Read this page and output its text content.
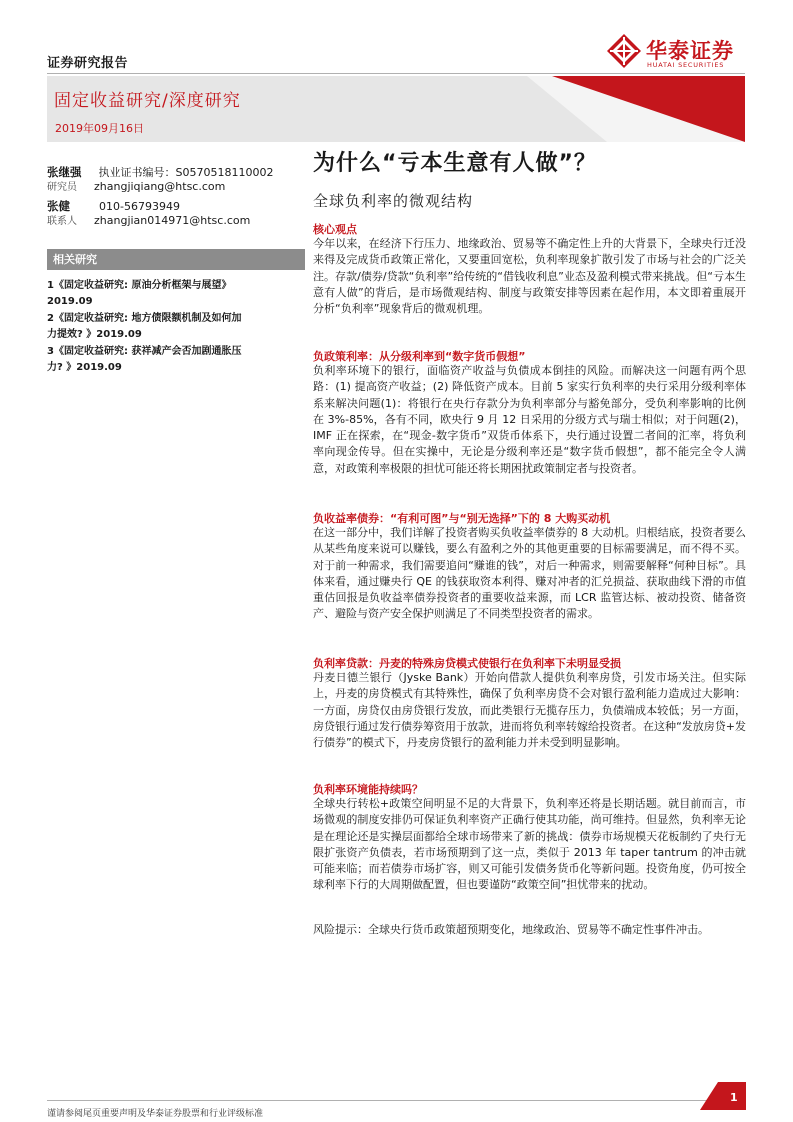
证券研究报告
华泰证券
HUATAI SECURITIES
固定收益研究/深度研究
2019年09月16日
张继强 执业证书编号：S0570518110002
研究员 zhangjiqiang@htsc.com
张健	010-56793949
联系人 zhangjian014971@htsc.com
相关研究
1《固定收益研究: 原油分析框架与展望》
2019.09
2《固定收益研究: 地方债限额机制及如何加
力提效? 》2019.09
3《固定收益研究: 获祥减产会否加剧通胀压
力? 》2019.09
为什么“亏本生意有人做”？
全球负利率的微观结构
核心观点
今年以来，在经济下行压力、地缘政治、贸易等不确定性上升的大背景下，全球央行迁没来得及完成货币政策正常化，又要重回宽松，负利率现象扩散引发了市场与社会的广泛关注。存款/债券/贷款“负利率”给传统的“借钱收利息”业态及盈利模式带来挑战。但“亏本生意有人做”的背后，是市场微观结构、制度与政策安排等因素在起作用，本文即着重展开分析“负利率”现象背后的微观机理。
负政策利率：从分级利率到“数字货币假想”
负利率环境下的银行，面临资产收益与负债成本倒挂的风险。而解决这一问题有两个思路：(1) 提高资产收益；(2) 降低资产成本。目前 5 家实行负利率的央行采用分级利率体系来解决问题(1)：将银行在央行存款分为负利率部分与豁免部分，受负利率影响的比例在 3%-85%，各有不同，欧央行 9 月 12 日采用的分级方式与瑞士相似；对于问题(2)，IMF 正在探索，在“现金-数字货币”双货币体系下，央行通过设置二者间的汇率，将负利率向现金传导。但在实操中，无论是分级利率还是“数字货币假想”，都不能完全令人满意，对政策利率极限的担忧可能还将长期困扰政策制定者与投资者。
负收益率债券：“有利可图”与“别无选择”下的 8 大购买动机
在这一部分中，我们详解了投资者购买负收益率债券的 8 大动机。归根结底，投资者要么从某些角度来说可以赚钱，要么有盈利之外的其他更重要的目标需要满足，而不得不买。对于前一种需求，我们需要追问“赚谁的钱”，对后一种需求，则需要解释“何种目标”。具体来看，通过赚央行 QE 的钱获取资本利得、赚对冲者的汇兑损益、获取曲线下滑的市值重估回报是负收益率债券投资者的重要收益来源，而 LCR 监管达标、被动投资、储备资产、避险与资产安全保护则满足了不同类型投资者的需求。
负利率贷款：丹麦的特殊房贷模式使银行在负利率下未明显受损
丹麦日德兰银行（Jyske Bank）开始向借款人提供负利率房贷，引发市场关注。但实际上，丹麦的房贷模式有其特殊性，确保了负利率房贷不会对银行盈利能力造成过大影响：一方面，房贷仅由房贷银行发放，而此类银行无揽存压力，负债端成本较低；另一方面，房贷银行通过发行债券筹资用于放款，进而将负利率转嫁给投资者。在这种“发放房贷+发行债券”的模式下，丹麦房贷银行的盈利能力并未受到明显影响。
负利率环境能持续吗？
全球央行转松+政策空间明显不足的大背景下，负利率还将是长期话题。就目前而言，市场微观的制度安排仍可保证负利率资产正确行使其功能，尚可维持。但显然，负利率无论是在理论还是实操层面都给全球市场带来了新的挑战：债券市场规模天花板制约了央行无限扩张资产负债表，若市场预期到了这一点，类似于 2013 年 taper tantrum 的冲击就可能来临；而若债券市场扩容，则又可能引发债务货币化等新问题。投资角度，仍可按全球利率下行的大周期做配置，但也要谨防“政策空间”担忧带来的扰动。
风险提示：全球央行货币政策超预期变化，地缘政治、贸易等不确定性事件冲击。
谨请参阅尾页重要声明及华泰证券股票和行业评级标准
1
